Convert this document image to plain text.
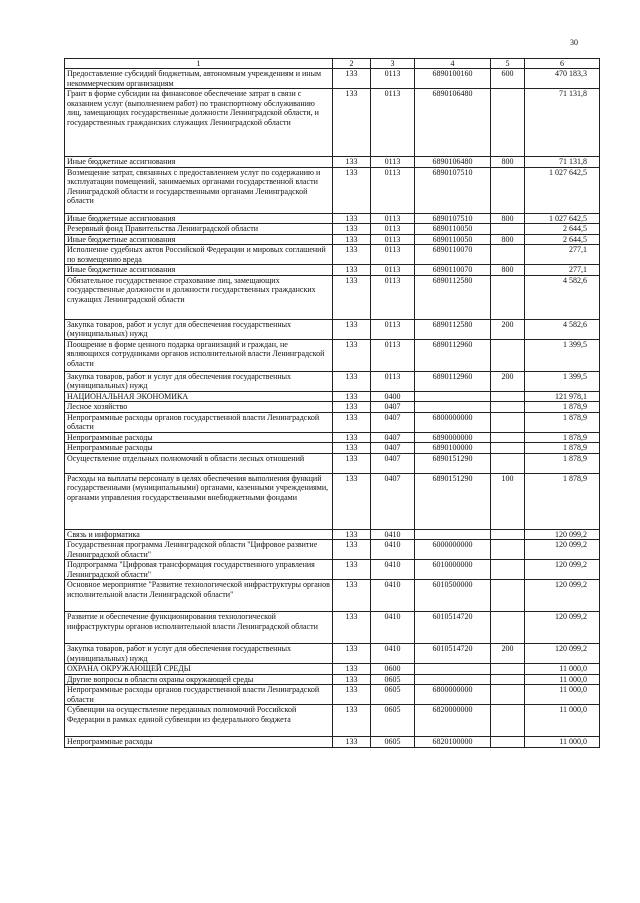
30
1	2	3	4	5	6
Предоставление субсидий бюджетным, автономным учреждениям и иным некоммерческим организациям	133	0113	6890100160	600	470 183,3
Грант в форме субсидии на финансовое обеспечение затрат в связи с оказанием услуг (выполнением работ) по транспортному обслуживанию лиц, замещающих государственные должности Ленинградской области, и государственных гражданских служащих Ленинградской области	133	0113	6890106480		71 131,8
Иные бюджетные ассигнования	133	0113	6890106480	800	71 131,8
Возмещение затрат, связанных с предоставлением услуг по содержанию и эксплуатации помещений, занимаемых органами государственной власти Ленинградской области и государственными органами Ленинградской области	133	0113	6890107510		1 027 642,5
Иные бюджетные ассигнования	133	0113	6890107510	800	1 027 642,5
Резервный фонд Правительства Ленинградской области	133	0113	6890110050		2 644,5
Иные бюджетные ассигнования	133	0113	6890110050	800	2 644,5
Исполнение судебных актов Российской Федерации и мировых соглашений по возмещению вреда	133	0113	6890110070		277,1
Иные бюджетные ассигнования	133	0113	6890110070	800	277,1
Обязательное государственное страхование лиц, замещающих государственные должности и должности государственных гражданских служащих Ленинградской области	133	0113	6890112580		4 582,6
Закупка товаров, работ и услуг для обеспечения государственных (муниципальных) нужд	133	0113	6890112580	200	4 582,6
Поощрение в форме ценного подарка организаций и граждан, не являющихся сотрудниками органов исполнительной власти Ленинградской области	133	0113	6890112960		1 399,5
Закупка товаров, работ и услуг для обеспечения государственных (муниципальных) нужд	133	0113	6890112960	200	1 399,5
НАЦИОНАЛЬНАЯ ЭКОНОМИКА	133	0400			121 978,1
Лесное хозяйство	133	0407			1 878,9
Непрограммные расходы органов государственной власти Ленинградской области	133	0407	6800000000		1 878,9
Непрограммные расходы	133	0407	6890000000		1 878,9
Непрограммные расходы	133	0407	6890100000		1 878,9
Осуществление отдельных полномочий в области лесных отношений	133	0407	6890151290		1 878,9
Расходы на выплаты персоналу в целях обеспечения выполнения функций государственными (муниципальными) органами, казенными учреждениями, органами управления государственными внебюджетными фондами	133	0407	6890151290	100	1 878,9
Связь и информатика	133	0410			120 099,2
Государственная программа Ленинградской области "Цифровое развитие Ленинградской области"	133	0410	6000000000		120 099,2
Подпрограмма "Цифровая трансформация государственного управления Ленинградской области"	133	0410	6010000000		120 099,2
Основное мероприятие "Развитие технологической инфраструктуры органов исполнительной власти Ленинградской области"	133	0410	6010500000		120 099,2
Развитие и обеспечение функционирования технологической инфраструктуры органов исполнительной власти Ленинградской области	133	0410	6010514720		120 099,2
Закупка товаров, работ и услуг для обеспечения государственных (муниципальных) нужд	133	0410	6010514720	200	120 099,2
ОХРАНА ОКРУЖАЮЩЕЙ СРЕДЫ	133	0600			11 000,0
Другие вопросы в области охраны окружающей среды	133	0605			11 000,0
Непрограммные расходы органов государственной власти Ленинградской области	133	0605	6800000000		11 000,0
Субвенции на осуществление переданных полномочий Российской Федерации в рамках единой субвенции из федерального бюджета	133	0605	6820000000		11 000,0
Непрограммные расходы	133	0605	6820100000		11 000,0
